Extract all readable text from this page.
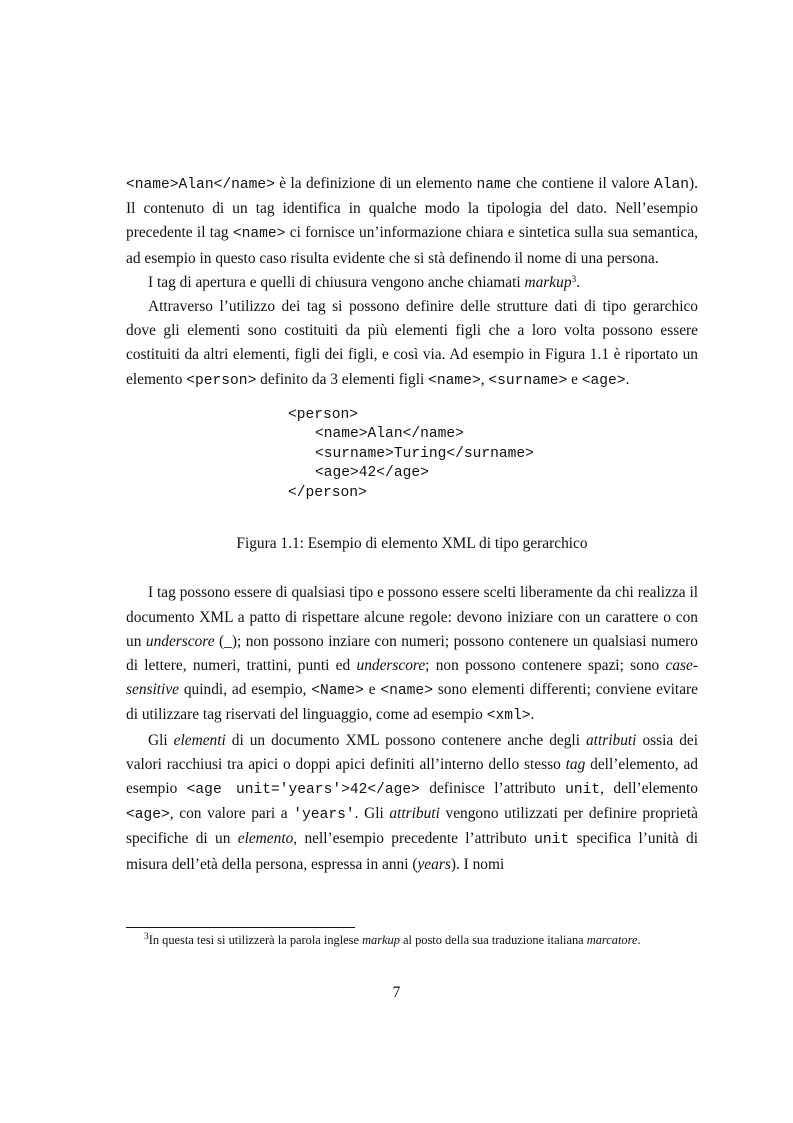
<name>Alan</name> è la definizione di un elemento name che contiene il valore Alan). Il contenuto di un tag identifica in qualche modo la tipologia del dato. Nell’esempio precedente il tag <name> ci fornisce un’informazione chiara e sintetica sulla sua semantica, ad esempio in questo caso risulta evidente che si stà definendo il nome di una persona.

I tag di apertura e quelli di chiusura vengono anche chiamati markup$^3$.

Attraverso l’utilizzo dei tag si possono definire delle strutture dati di tipo gerarchico dove gli elementi sono costituiti da più elementi figli che a loro volta possono essere costituiti da altri elementi, figli dei figli, e così via. Ad esempio in Figura 1.1 è riportato un elemento <person> definito da 3 elementi figli <name>, <surname> e <age>.

<person>
<name>Alan</name>
<surname>Turing</surname>
<age>42</age>
</person>
Figura 1.1: Esempio di elemento XML di tipo gerarchico

I tag possono essere di qualsiasi tipo e possono essere scelti liberamente da chi realizza il documento XML a patto di rispettare alcune regole: devono iniziare con un carattere o con un underscore (_); non possono inziare con numeri; possono contenere un qualsiasi numero di lettere, numeri, trattini, punti ed underscore; non possono contenere spazi; sono case-sensitive quindi, ad esempio, <Name> e <name> sono elementi differenti; conviene evitare di utilizzare tag riservati del linguaggio, come ad esempio <xml>.

Gli elementi di un documento XML possono contenere anche degli attributi ossia dei valori racchiusi tra apici o doppi apici definiti all’interno dello stesso tag dell’elemento, ad esempio <age unit='years'>42</age> definisce l’attributo unit, dell’elemento <age>, con valore pari a 'years'. Gli attributi vengono utilizzati per definire proprietà specifiche di un elemento, nell’esempio precedente l’attributo unit specifica l’unità di misura dell’età della persona, espressa in anni (years). I nomi

$^3$In questa tesi si utilizzerà la parola inglese markup al posto della sua traduzione italiana marcatore.
7
